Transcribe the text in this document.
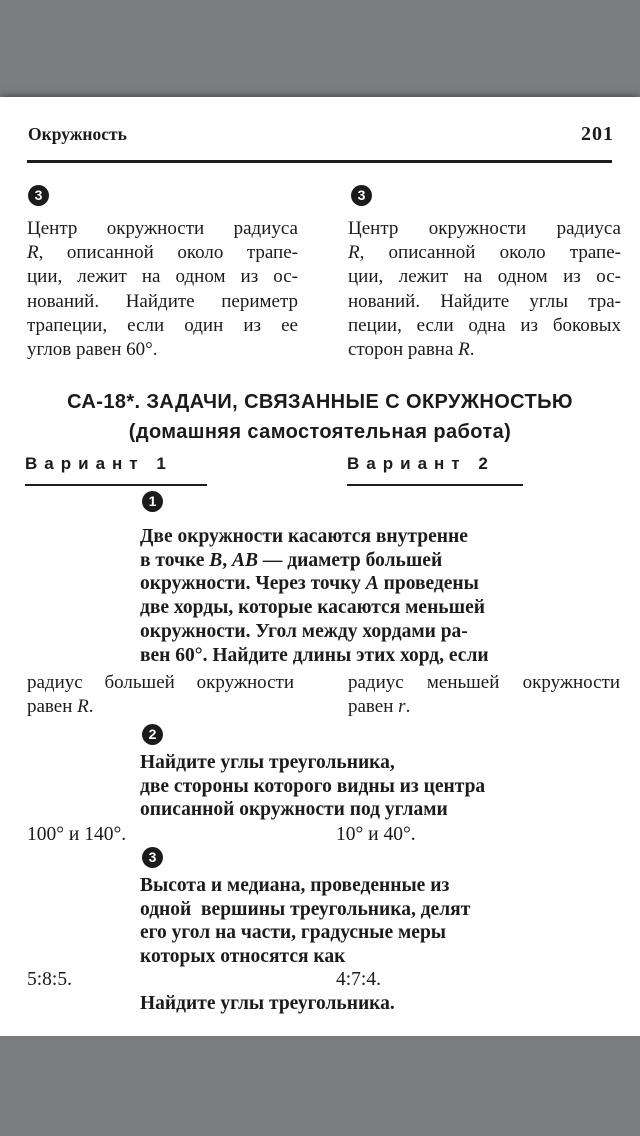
Окружность	201
3	3
Центр окружности радиуса
R, описанной около трапе-
ции, лежит на одном из ос-
нований. Найдите периметр
трапеции, если один из ее
углов равен 60°.
Центр окружности радиуса
R, описанной около трапе-
ции, лежит на одном из ос-
нований. Найдите углы тра-
пеции, если одна из боковых
сторон равна R.
СА-18*. ЗАДАЧИ, СВЯЗАННЫЕ С ОКРУЖНОСТЬЮ
(домашняя самостоятельная работа)
Вариант 1	Вариант 2
1
Две окружности касаются внутренне
в точке B, AB — диаметр большей
окружности. Через точку A проведены
две хорды, которые касаются меньшей
окружности. Угол между хордами ра-
вен 60°. Найдите длины этих хорд, если
радиус большей окружности
равен R.
радиус меньшей окружности
равен r.
2
Найдите углы треугольника,
две стороны которого видны из центра
описанной окружности под углами
100° и 140°.	10° и 40°.
3
Высота и медиана, проведенные из
одной  вершины треугольника, делят
его угол на части, градусные меры
которых относятся как
5:8:5.	4:7:4.
Найдите углы треугольника.
